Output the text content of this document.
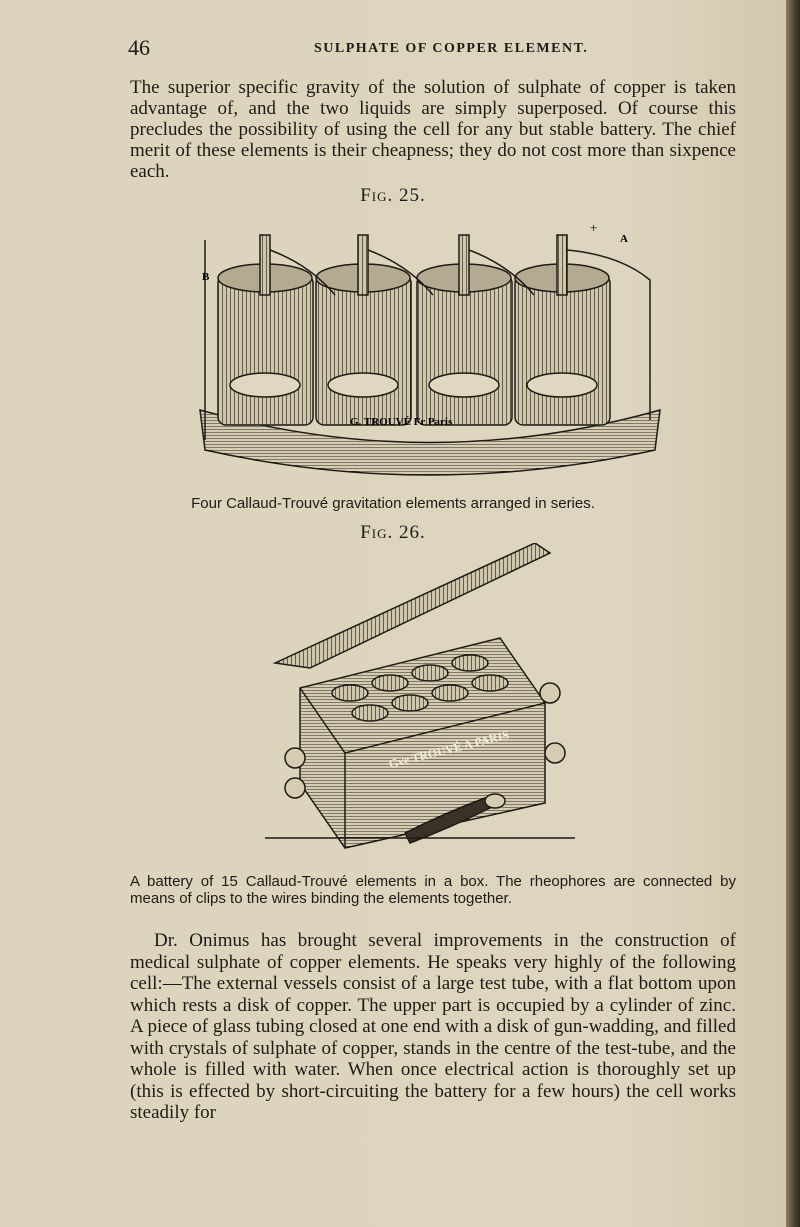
46	SULPHATE OF COPPER ELEMENT.

The superior specific gravity of the solution of sulphate of copper is taken advantage of, and the two liquids are simply superposed. Of course this precludes the possibility of using the cell for any but stable battery. The chief merit of these elements is their cheapness; they do not cost more than sixpence each.

Fig. 25.
B
A
+
G. TROUVÉ Fr Paris
Four Callaud-Trouvé gravitation elements arranged in series.
Fig. 26.
Gve TROUVÉ A PARIS
A battery of 15 Callaud-Trouvé elements in a box. The rheophores are connected by means of clips to the wires binding the elements together.

Dr. Onimus has brought several improvements in the construction of medical sulphate of copper elements. He speaks very highly of the following cell:—The external vessels consist of a large test tube, with a flat bottom upon which rests a disk of copper. The upper part is occupied by a cylinder of zinc. A piece of glass tubing closed at one end with a disk of gun-wadding, and filled with crystals of sulphate of copper, stands in the centre of the test-tube, and the whole is filled with water. When once electrical action is thoroughly set up (this is effected by short-circuiting the battery for a few hours) the cell works steadily for
